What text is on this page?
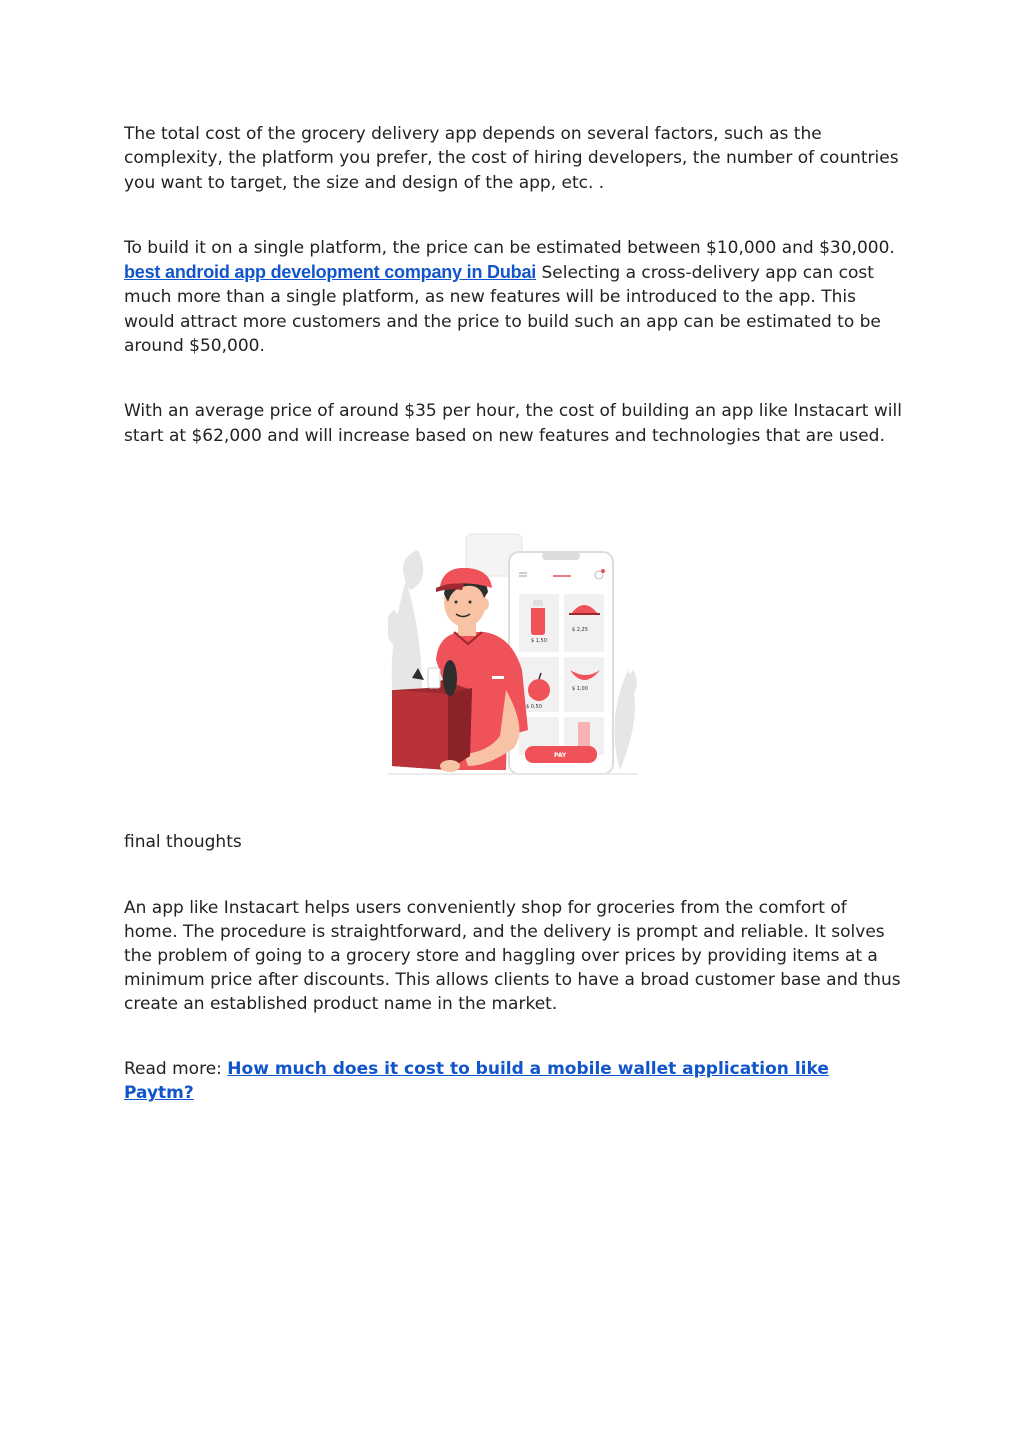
The total cost of the grocery delivery app depends on several factors, such as the complexity, the platform you prefer, the cost of hiring developers, the number of countries you want to target, the size and design of the app, etc. .

To build it on a single platform, the price can be estimated between $10,000 and $30,000. best android app development company in Dubai Selecting a cross-delivery app can cost much more than a single platform, as new features will be introduced to the app. This would attract more customers and the price to build such an app can be estimated to be around $50,000.

With an average price of around $35 per hour, the cost of building an app like Instacart will start at $62,000 and will increase based on new features and technologies that are used.

$ 1,50
$ 2,25
$ 1,00
$ 0,50
PAY

final thoughts

An app like Instacart helps users conveniently shop for groceries from the comfort of home. The procedure is straightforward, and the delivery is prompt and reliable. It solves the problem of going to a grocery store and haggling over prices by providing items at a minimum price after discounts. This allows clients to have a broad customer base and thus create an established product name in the market.

Read more: How much does it cost to build a mobile wallet application like Paytm?
